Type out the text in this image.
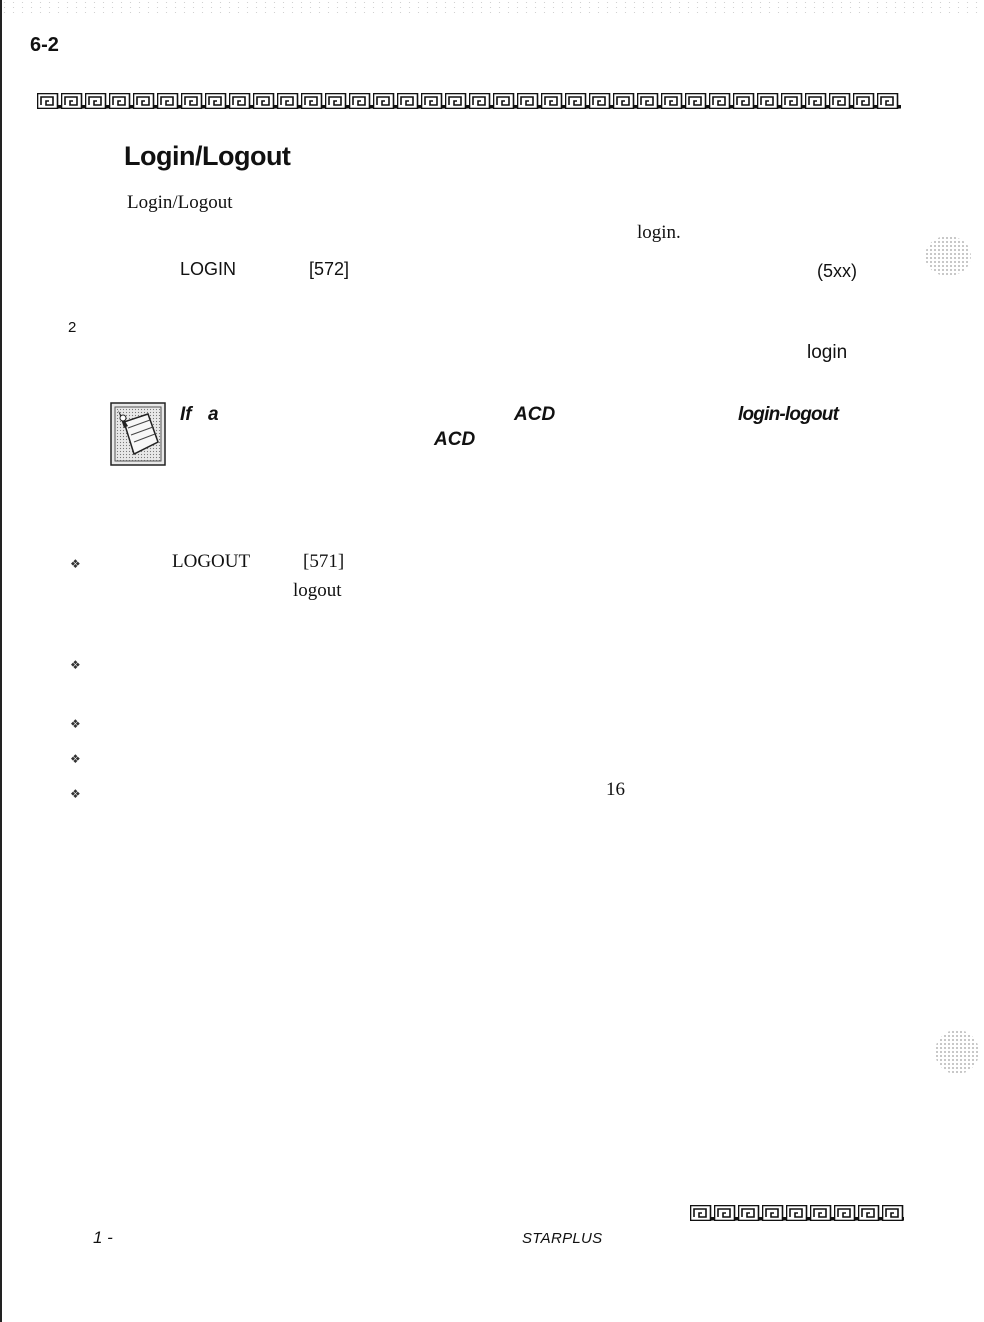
6-2
Login/Logout
Login/Logout
login.
LOGIN	[572]	(5xx)
2
login
If a	ACD	login-logout
ACD
❖	LOGOUT	[571]
logout
❖
❖
❖
❖	16
1 -	STARPLUS
